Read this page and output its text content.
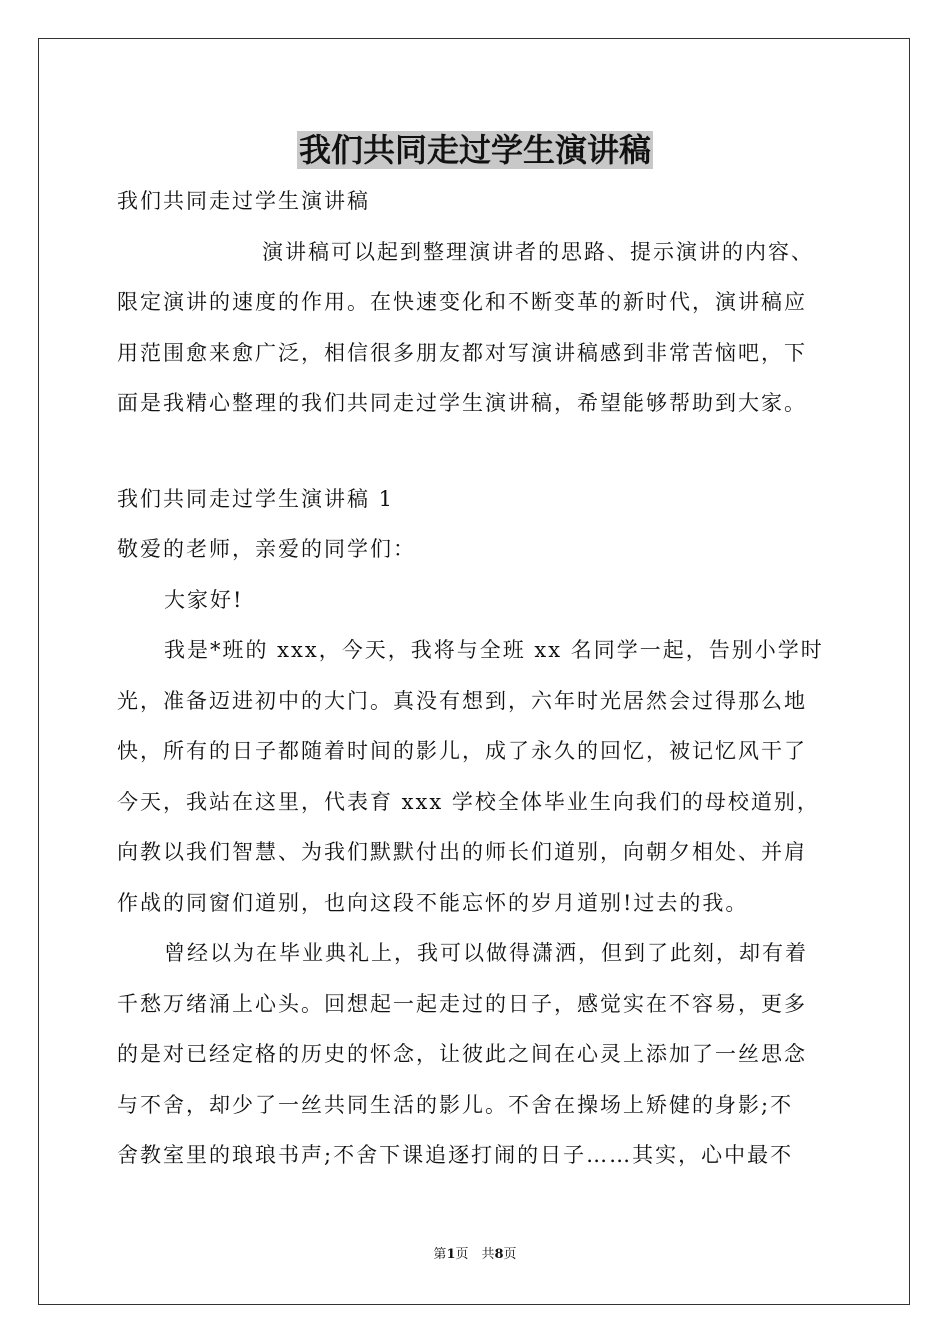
我们共同走过学生演讲稿
我们共同走过学生演讲稿
演讲稿可以起到整理演讲者的思路、提示演讲的内容、
限定演讲的速度的作用。在快速变化和不断变革的新时代，演讲稿应
用范围愈来愈广泛，相信很多朋友都对写演讲稿感到非常苦恼吧，下
面是我精心整理的我们共同走过学生演讲稿，希望能够帮助到大家。
我们共同走过学生演讲稿 1
敬爱的老师，亲爱的同学们：
大家好!
我是*班的 xxx，今天，我将与全班 xx 名同学一起，告别小学时
光，准备迈进初中的大门。真没有想到，六年时光居然会过得那么地
快，所有的日子都随着时间的影儿，成了永久的回忆，被记忆风干了
今天，我站在这里，代表育 xxx 学校全体毕业生向我们的母校道别，
向教以我们智慧、为我们默默付出的师长们道别，向朝夕相处、并肩
作战的同窗们道别，也向这段不能忘怀的岁月道别!过去的我。
曾经以为在毕业典礼上，我可以做得潇洒，但到了此刻，却有着
千愁万绪涌上心头。回想起一起走过的日子，感觉实在不容易，更多
的是对已经定格的历史的怀念，让彼此之间在心灵上添加了一丝思念
与不舍，却少了一丝共同生活的影儿。不舍在操场上矫健的身影;不
舍教室里的琅琅书声;不舍下课追逐打闹的日子……其实，心中最不
第1页　共8页
